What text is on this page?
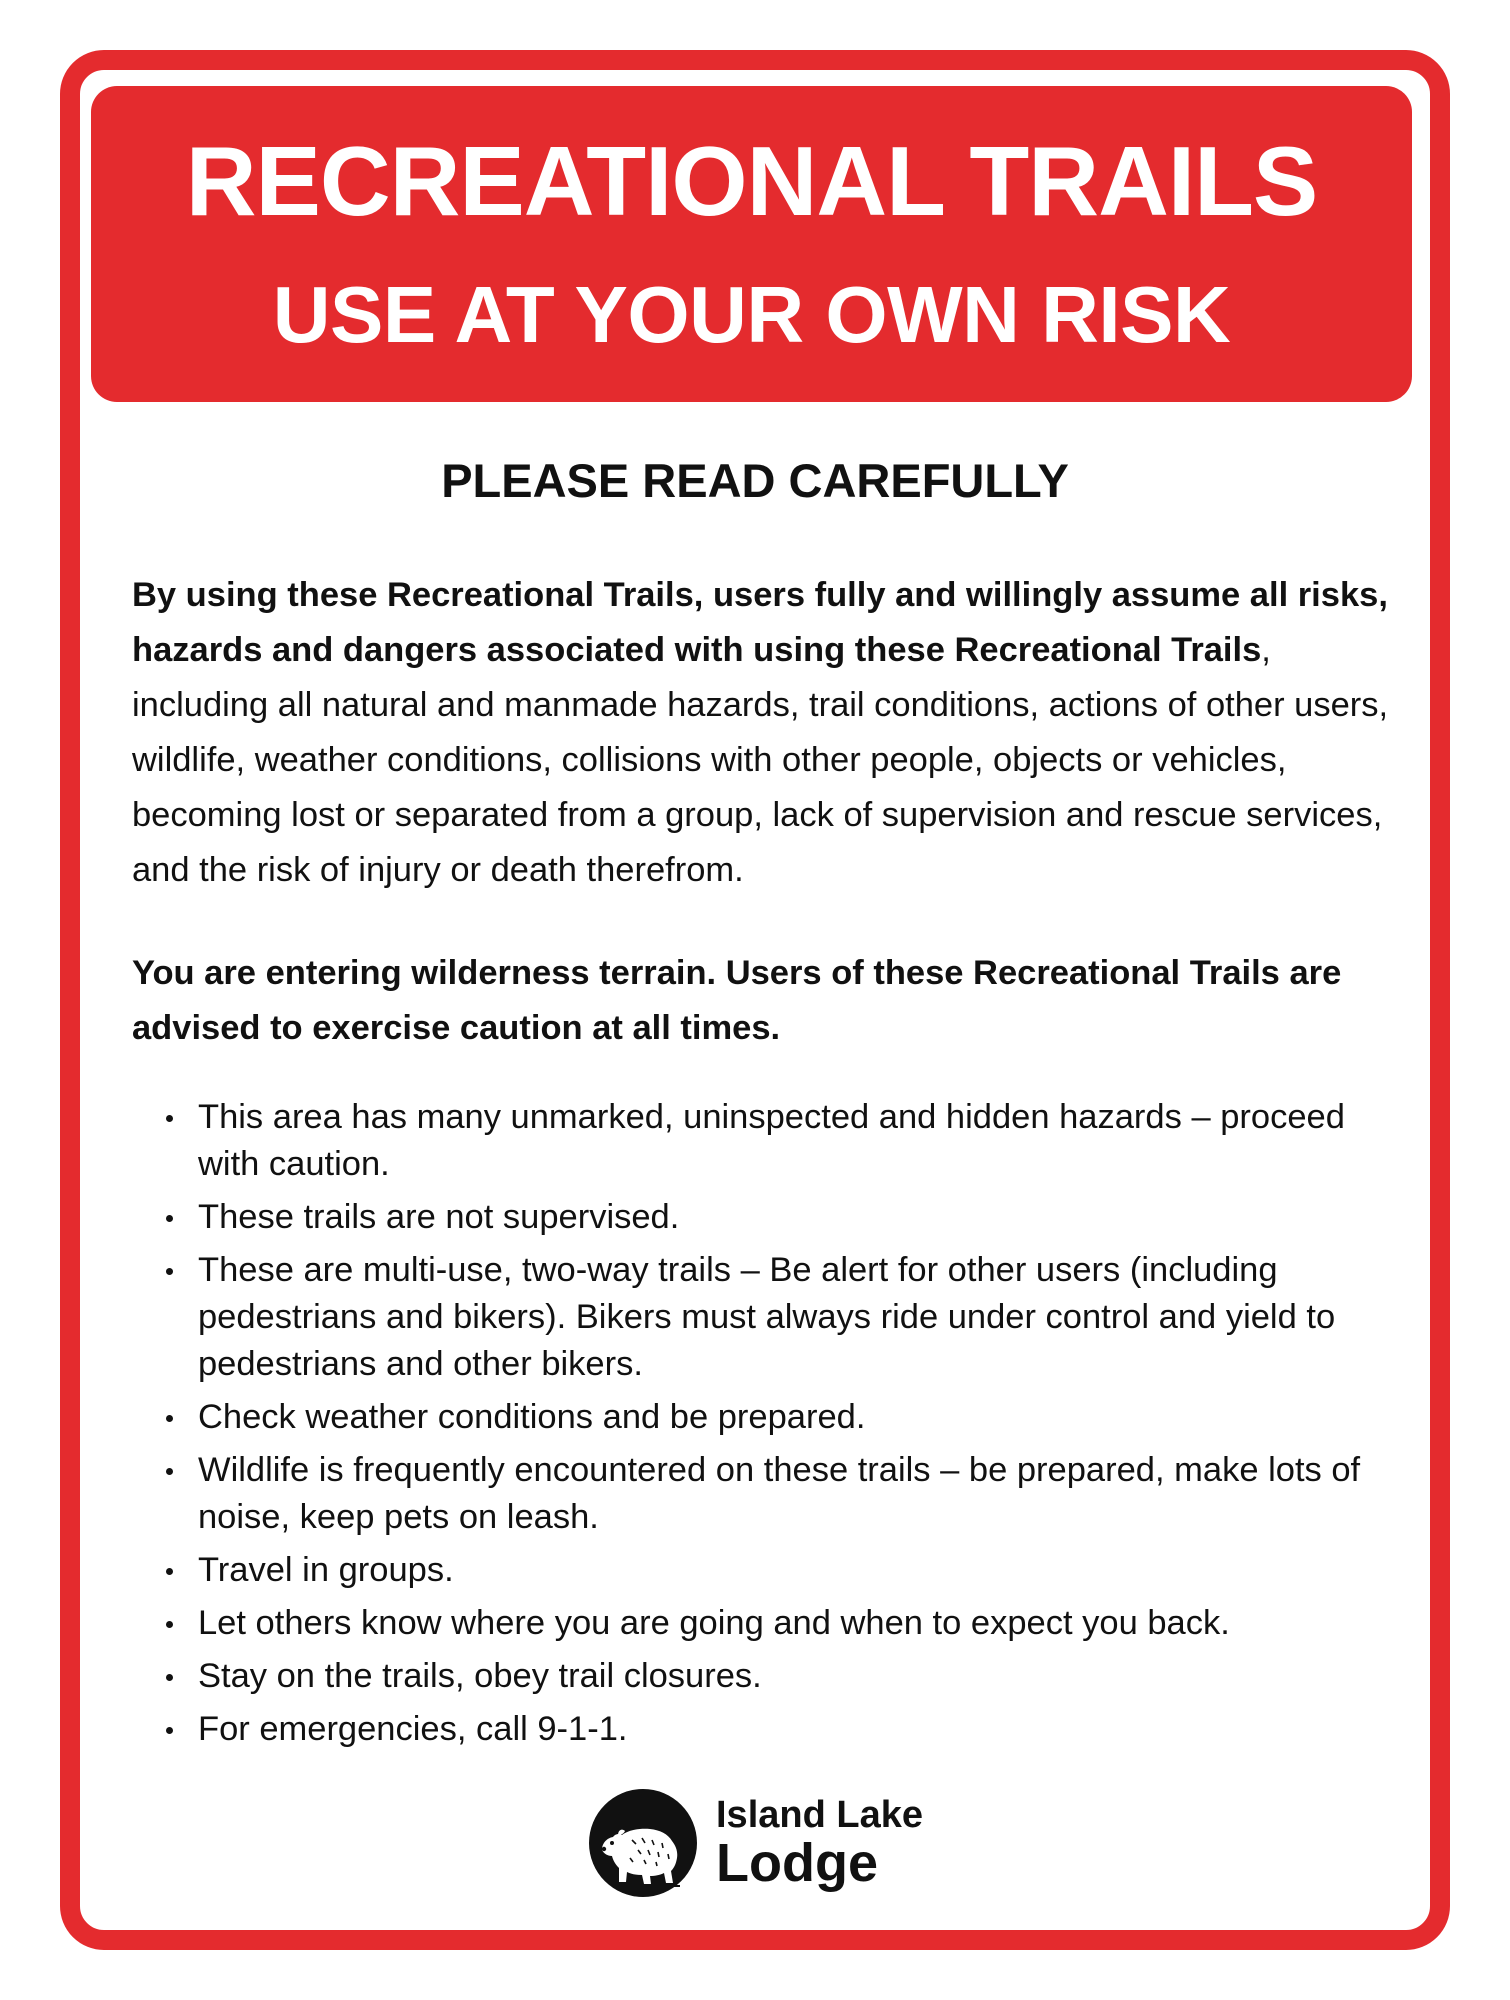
RECREATIONAL TRAILS
USE AT YOUR OWN RISK
PLEASE READ CAREFULLY

By using these Recreational Trails, users fully and willingly assume all risks, hazards and dangers associated with using these Recreational Trails, including all natural and manmade hazards, trail conditions, actions of other users, wildlife, weather conditions, collisions with other people, objects or vehicles, becoming lost or separated from a group, lack of supervision and rescue services, and the risk of injury or death therefrom.

You are entering wilderness terrain. Users of these Recreational Trails are advised to exercise caution at all times.

This area has many unmarked, uninspected and hidden hazards – proceed with caution.
These trails are not supervised.
These are multi-use, two-way trails – Be alert for other users (including pedestrians and bikers). Bikers must always ride under control and yield to pedestrians and other bikers.
Check weather conditions and be prepared.
Wildlife is frequently encountered on these trails – be prepared, make lots of noise, keep pets on leash.
Travel in groups.
Let others know where you are going and when to expect you back.
Stay on the trails, obey trail closures.
For emergencies, call 9-1-1.
Island Lake
Lodge
